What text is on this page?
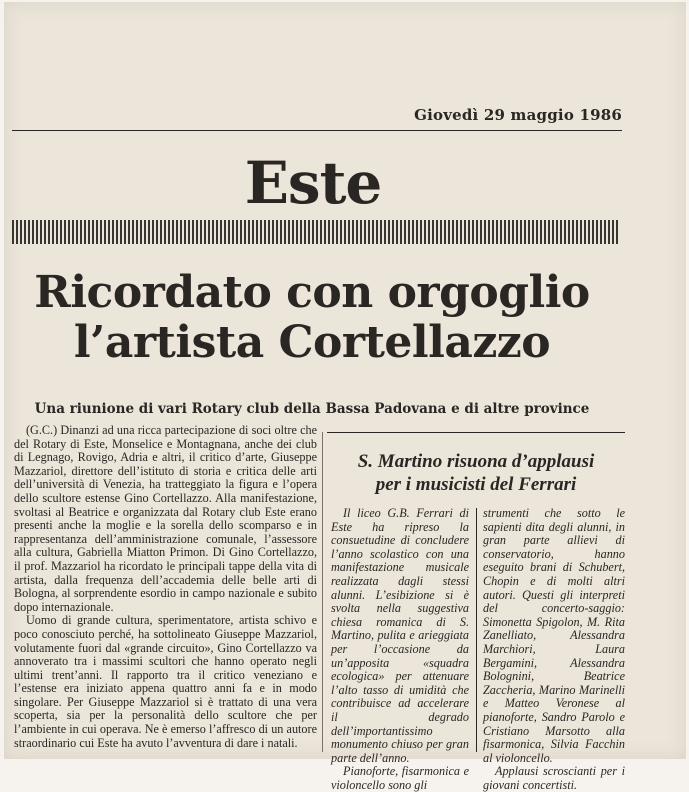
Giovedì 29 maggio 1986
Este
Ricordato con orgoglio
l’artista Cortellazzo
Una riunione di vari Rotary club della Bassa Padovana e di altre province

(G.C.) Dinanzi ad una ricca partecipazione di soci oltre che del Rotary di Este, Monselice e Montagnana, anche dei club di Legnago, Rovigo, Adria e altri, il critico d’arte, Giuseppe Mazzariol, direttore dell’istituto di storia e critica delle arti dell’università di Venezia, ha tratteggiato la figura e l’opera dello scultore estense Gino Cortellazzo. Alla manifestazione, svoltasi al Beatrice e organizzata dal Rotary club Este erano presenti anche la moglie e la sorella dello scomparso e in rappresentanza dell’amministrazione comunale, l’assessore alla cultura, Gabriella Miatton Primon. Di Gino Cortellazzo, il prof. Mazzariol ha ricordato le principali tappe della vita di artista, dalla frequenza dell’accademia delle belle arti di Bologna, al sorprendente esordio in campo nazionale e subito dopo internazionale.

Uomo di grande cultura, sperimentatore, artista schivo e poco conosciuto perché, ha sottolineato Giuseppe Mazzariol, volutamente fuori dal «grande circuito», Gino Cortellazzo va annoverato tra i massimi scultori che hanno operato negli ultimi trent’anni. Il rapporto tra il critico veneziano e l’estense era iniziato appena quattro anni fa e in modo singolare. Per Giuseppe Mazzariol si è trattato di una vera scoperta, sia per la personalità dello scultore che per l’ambiente in cui operava. Ne è emerso l’affresco di un autore straordinario cui Este ha avuto l’avventura di dare i natali.

S. Martino risuona d’applausi
per i musicisti del Ferrari

Il liceo G.B. Ferrari di Este ha ripreso la consuetudine di concludere l’anno scolastico con una manifestazione musicale realizzata dagli stessi alunni. L’esibizione si è svolta nella suggestiva chiesa romanica di S. Martino, pulita e arieggiata per l’occasione da un’apposita «squadra ecologica» per attenuare l’alto tasso di umidità che contribuisce ad accelerare il degrado dell’importantissimo monumento chiuso per gran parte dell’anno.

Pianoforte, fisarmonica e violoncello sono gli

strumenti che sotto le sapienti dita degli alunni, in gran parte allievi di conservatorio, hanno eseguito brani di Schubert, Chopin e di molti altri autori. Questi gli interpreti del concerto-saggio: Simonetta Spigolon, M. Rita Zanelliato, Alessandra Marchiori, Laura Bergamini, Alessandra Bolognini, Beatrice Zaccheria, Marino Marinelli e Matteo Veronese al pianoforte, Sandro Parolo e Cristiano Marsotto alla fisarmonica, Silvia Facchin al violoncello.

Applausi scroscianti per i giovani concertisti.
